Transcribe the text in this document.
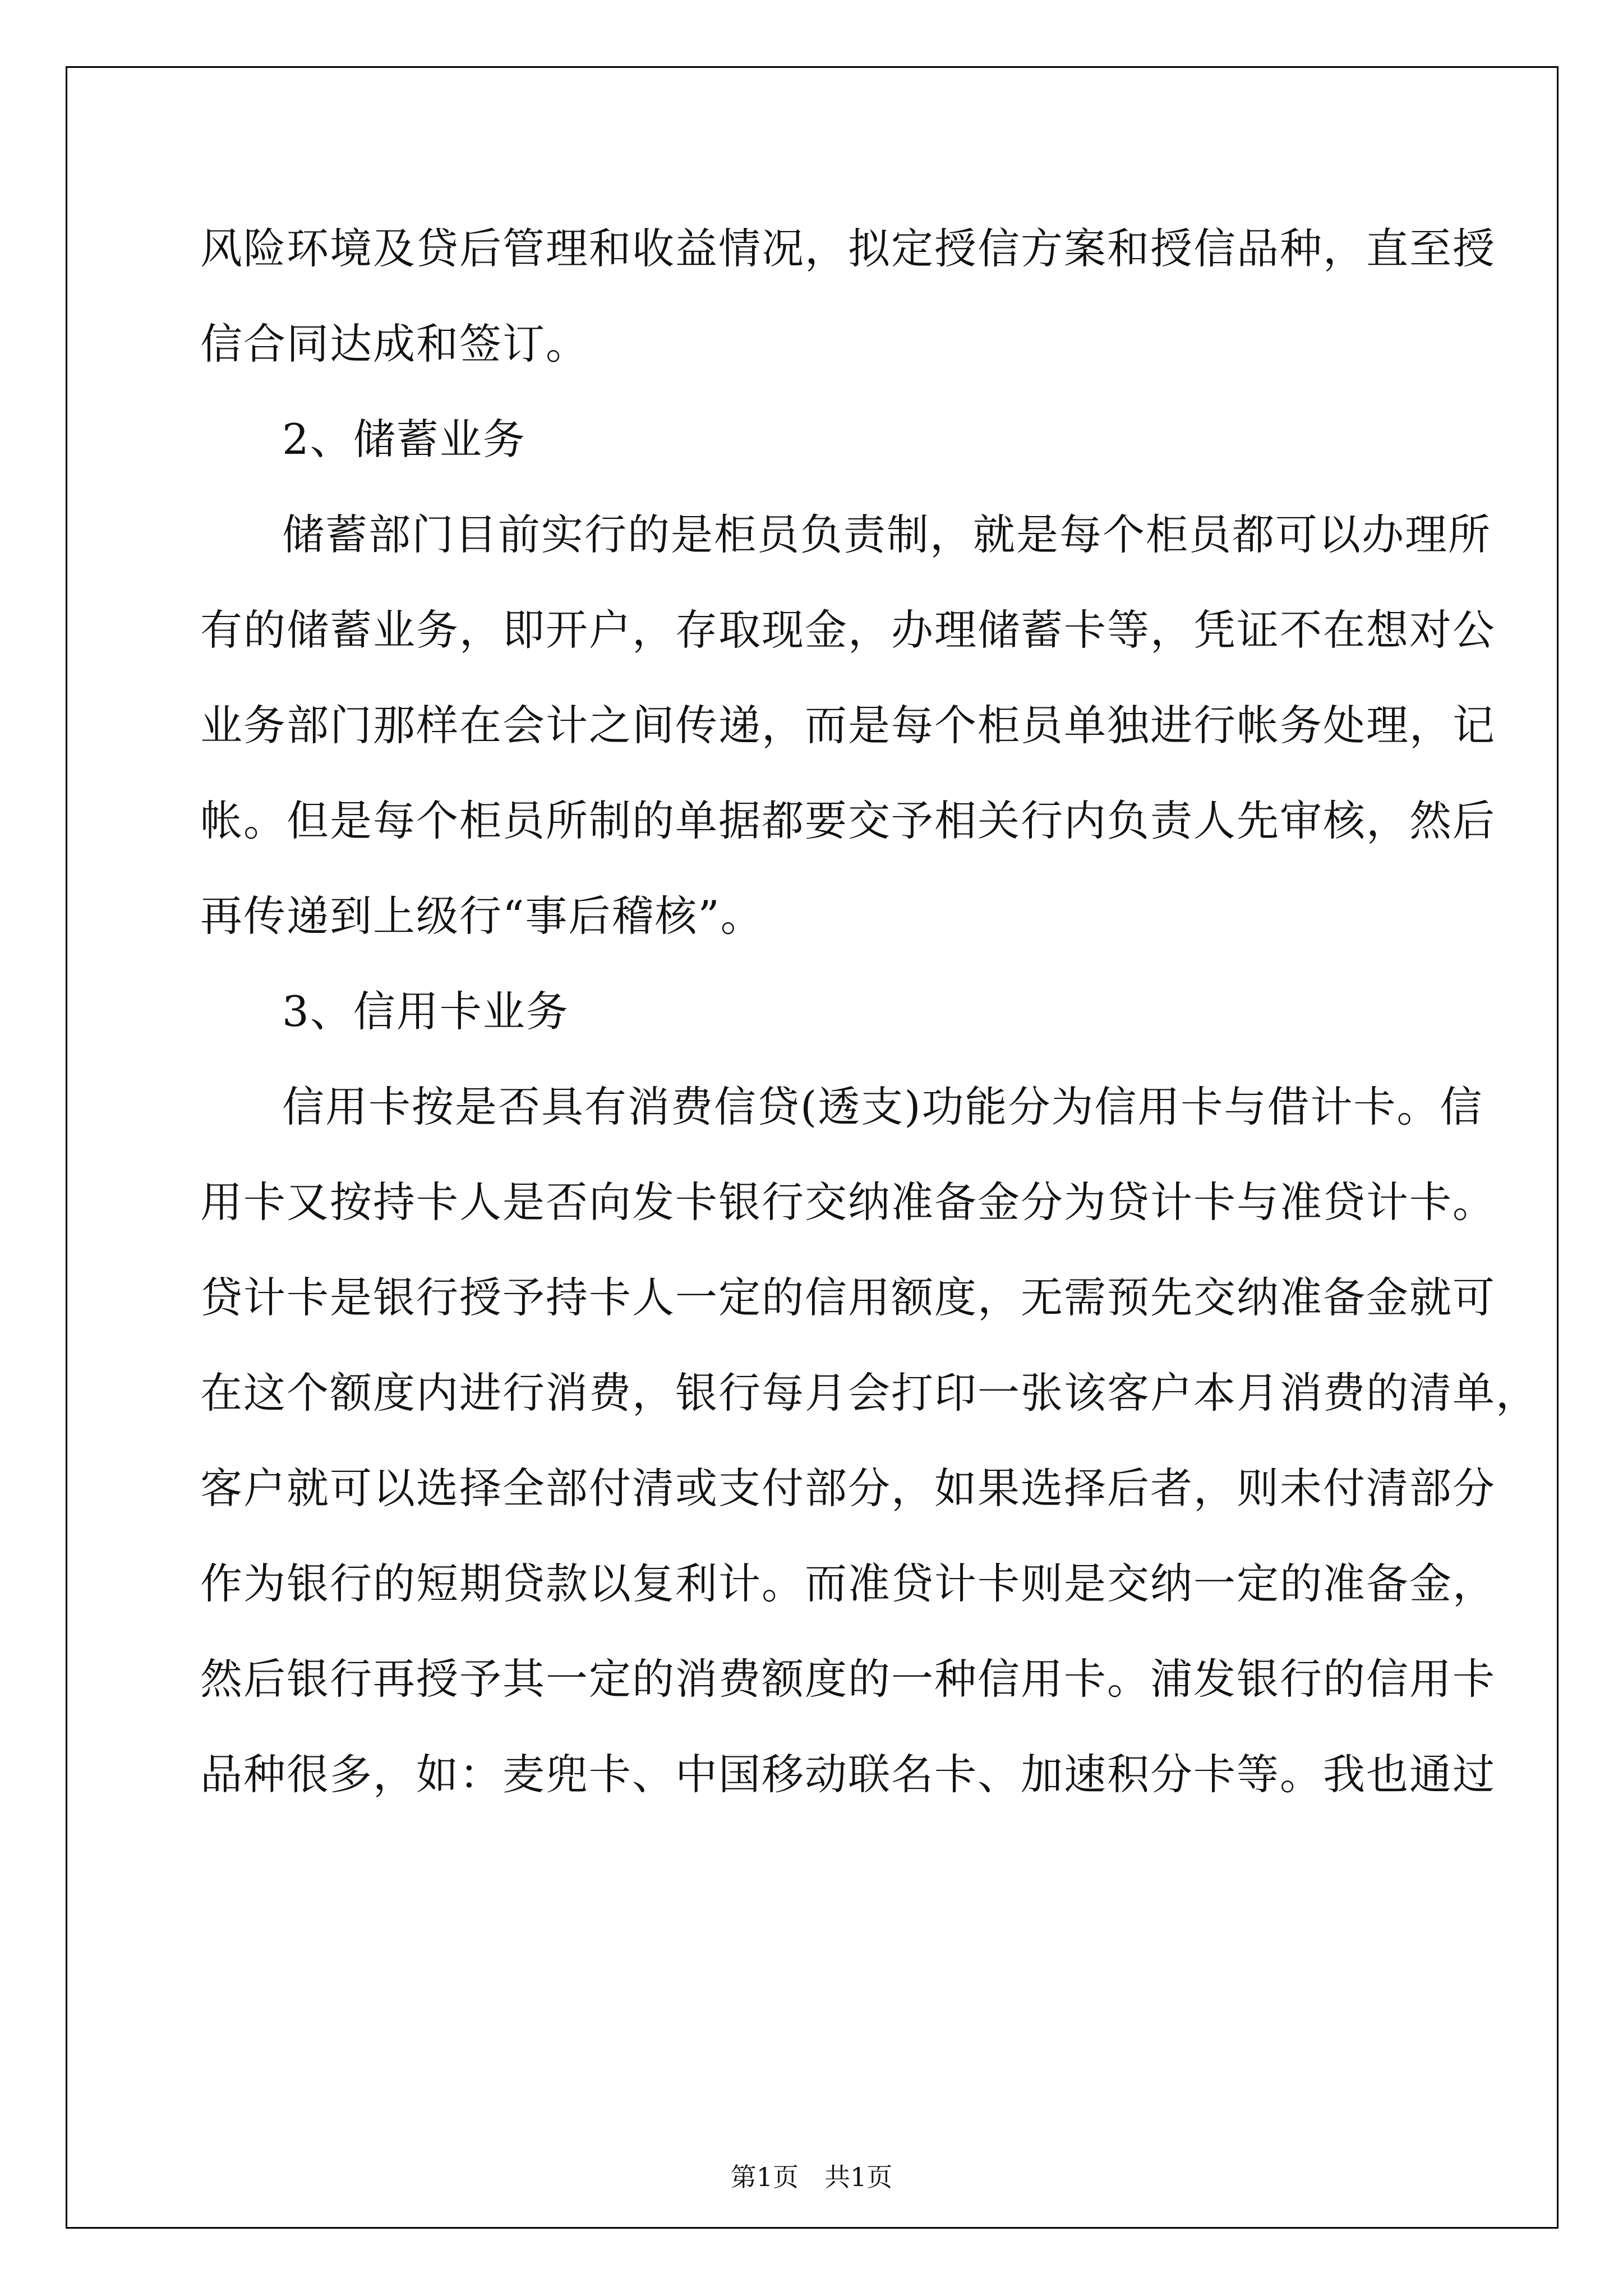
风险环境及贷后管理和收益情况，拟定授信方案和授信品种，直至授
信合同达成和签订。
2、储蓄业务
储蓄部门目前实行的是柜员负责制，就是每个柜员都可以办理所
有的储蓄业务，即开户，存取现金，办理储蓄卡等，凭证不在想对公
业务部门那样在会计之间传递，而是每个柜员单独进行帐务处理，记
帐。但是每个柜员所制的单据都要交予相关行内负责人先审核，然后
再传递到上级行“事后稽核”。
3、信用卡业务
信用卡按是否具有消费信贷(透支)功能分为信用卡与借计卡。信
用卡又按持卡人是否向发卡银行交纳准备金分为贷计卡与准贷计卡。
贷计卡是银行授予持卡人一定的信用额度，无需预先交纳准备金就可
在这个额度内进行消费，银行每月会打印一张该客户本月消费的清单，
客户就可以选择全部付清或支付部分，如果选择后者，则未付清部分
作为银行的短期贷款以复利计。而准贷计卡则是交纳一定的准备金，
然后银行再授予其一定的消费额度的一种信用卡。浦发银行的信用卡
品种很多，如：麦兜卡、中国移动联名卡、加速积分卡等。我也通过
第1页　共1页
